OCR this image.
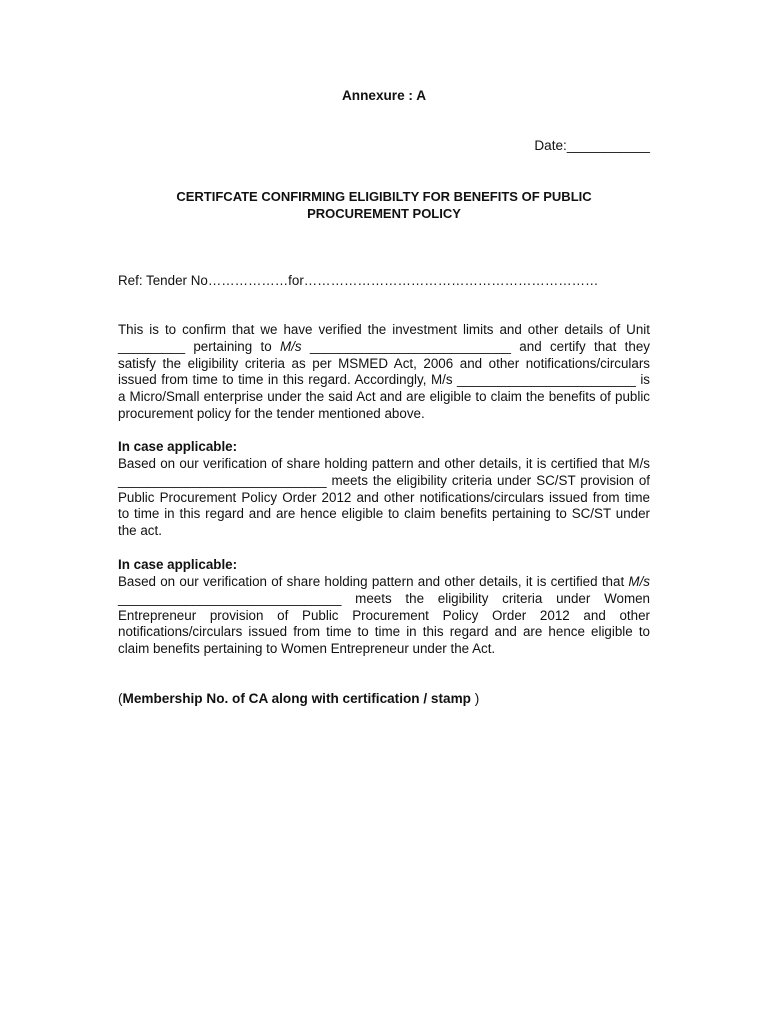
Annexure : A
Date:___________
CERTIFCATE CONFIRMING ELIGIBILTY FOR BENEFITS OF PUBLIC
PROCUREMENT POLICY
Ref: Tender No………………for…………………………………………………………
This is to confirm that we have verified the investment limits and other details of Unit _________ pertaining to M/s ___________________________ and certify that they satisfy the eligibility criteria as per MSMED Act, 2006 and other notifications/circulars issued from time to time in this regard. Accordingly, M/s ________________________ is a Micro/Small enterprise under the said Act and are eligible to claim the benefits of public procurement policy for the tender mentioned above.
In case applicable:
Based on our verification of share holding pattern and other details, it is certified that M/s ____________________________ meets the eligibility criteria under SC/ST provision of Public Procurement Policy Order 2012 and other notifications/circulars issued from time to time in this regard and are hence eligible to claim benefits pertaining to SC/ST under the act.
In case applicable:
Based on our verification of share holding pattern and other details, it is certified that M/s ______________________________ meets the eligibility criteria under Women Entrepreneur provision of Public Procurement Policy Order 2012 and other notifications/circulars issued from time to time in this regard and are hence eligible to claim benefits pertaining to Women Entrepreneur under the Act.
(Membership No. of CA along with certification / stamp )
